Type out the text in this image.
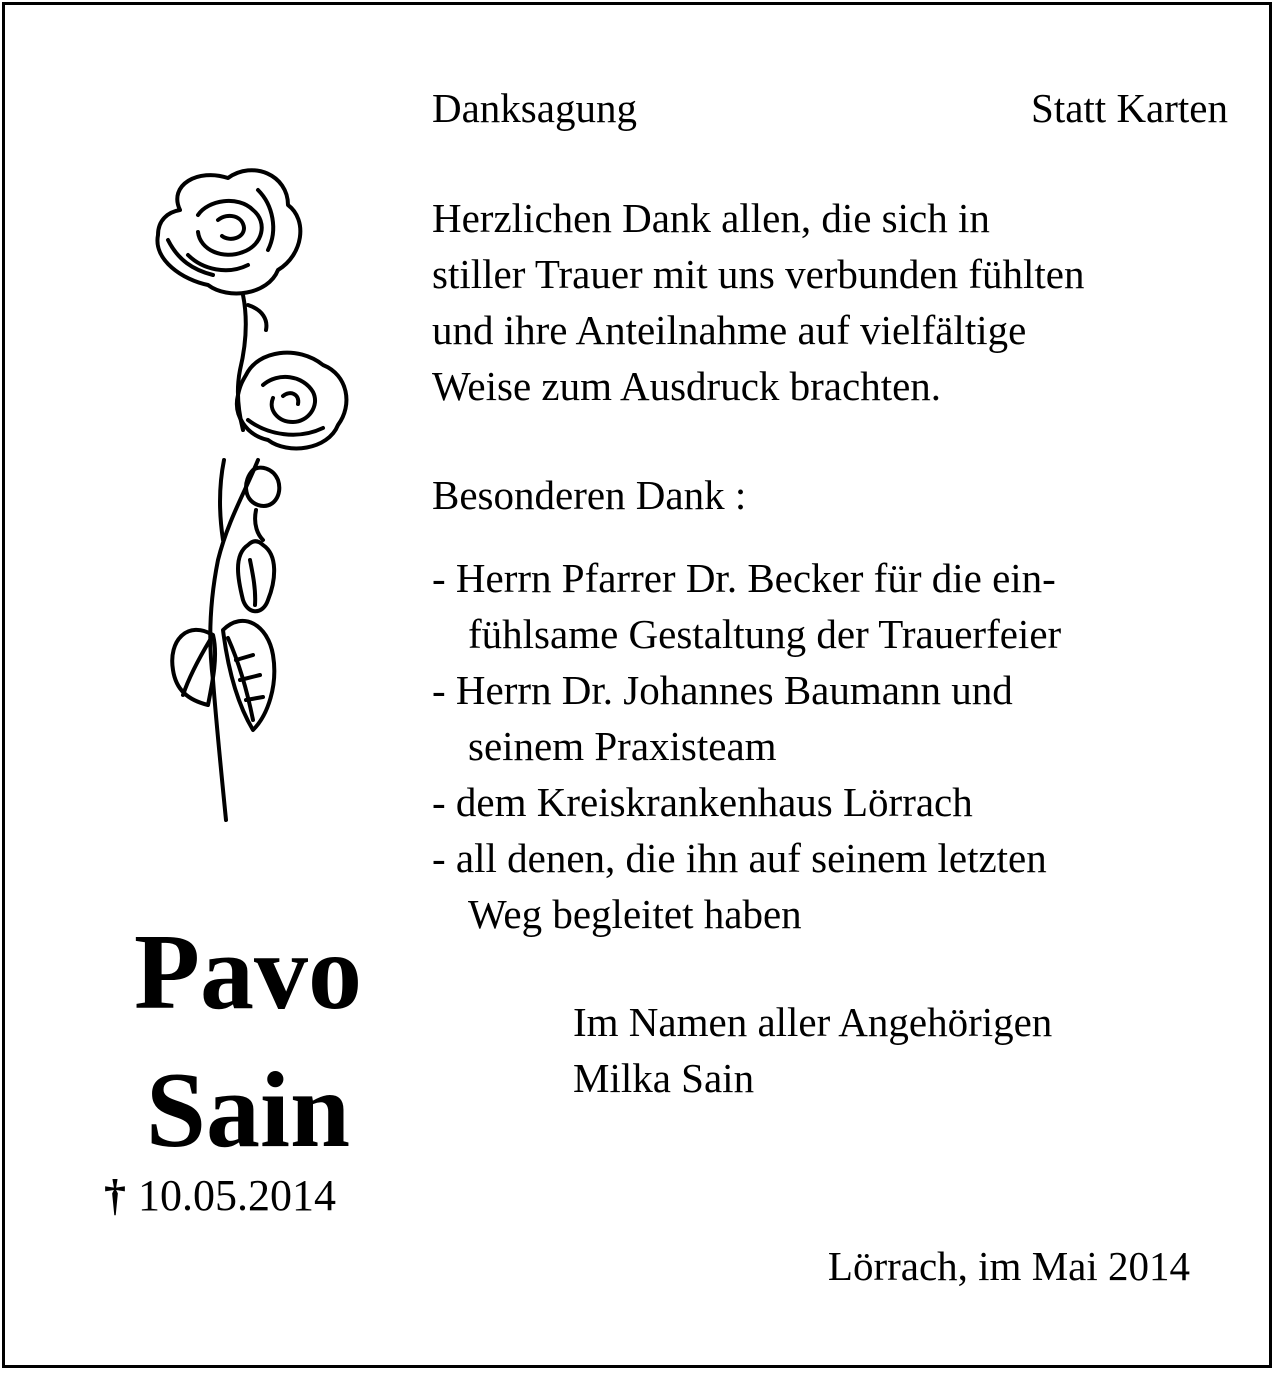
Danksagung	Statt Karten
Herzlichen Dank allen, die sich in
stiller Trauer mit uns verbunden fühlten
und ihre Anteilnahme auf vielfältige
Weise zum Ausdruck brachten.
Besonderen Dank :
- Herrn Pfarrer Dr. Becker für die ein-
fühlsame Gestaltung der Trauerfeier
- Herrn Dr. Johannes Baumann und
seinem Praxisteam
- dem Kreiskrankenhaus Lörrach
- all denen, die ihn auf seinem letzten
Weg begleitet haben
Im Namen aller Angehörigen
Milka Sain
Pavo
Sain
† 10.05.2014
Lörrach, im Mai 2014
